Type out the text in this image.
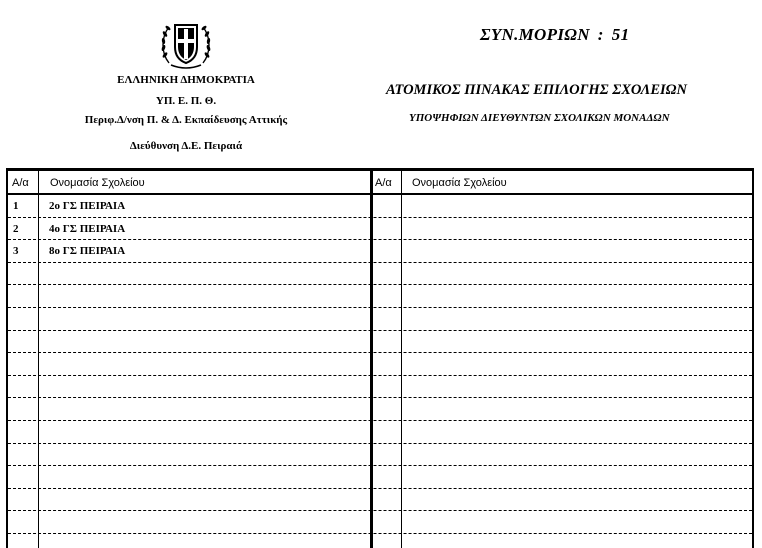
ΕΛΛΗΝΙΚΗ ΔΗΜΟΚΡΑΤΙΑ
ΥΠ. Ε. Π. Θ.
Περιφ.Δ/νση Π. & Δ. Εκπαίδευσης Αττικής
Διεύθυνση Δ.Ε. Πειραιά
ΣΥΝ.ΜΟΡΙΩΝ : 51
ΑΤΟΜΙΚΟΣ ΠΙΝΑΚΑΣ ΕΠΙΛΟΓΗΣ ΣΧΟΛΕΙΩΝ
ΥΠΟΨΗΦΙΩΝ ΔΙΕΥΘΥΝΤΩΝ ΣΧΟΛΙΚΩΝ ΜΟΝΑΔΩΝ
Α/α Ονομασία Σχολείου	Α/α Ονομασία Σχολείου
1	2ο ΓΣ ΠΕΙΡΑΙΑ
2	4ο ΓΣ ΠΕΙΡΑΙΑ
3	8ο ΓΣ ΠΕΙΡΑΙΑ
